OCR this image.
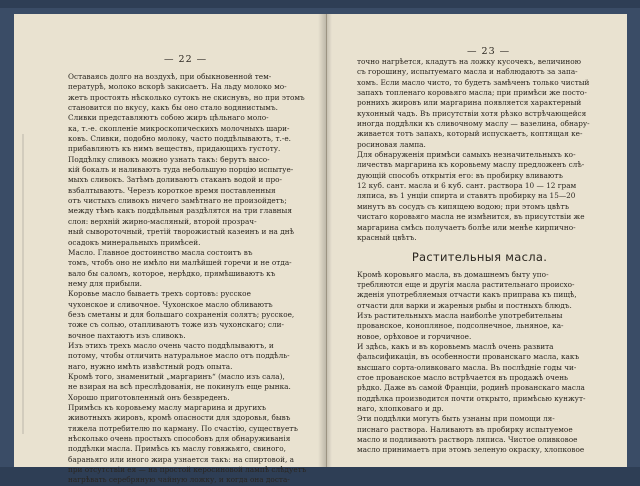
— 22 —
Оставаясь долго на воздухѣ, при обыкновенной тем-
пературѣ, молоко вскорѣ закисаетъ. На льду молоко мо-
жетъ простоять нѣсколько сутокъ не скиснувъ, но при этомъ
становится по вкусу, какъ бы оно стало водянистымъ.
Сливки представляютъ собою жиръ цѣльнаго моло-
ка, т.-е. скопленіе микроскопическихъ молочныхъ шари-
ковъ. Сливки, подобно молоку, часто поддѣлываютъ, т.-е.
прибавляютъ къ нимъ веществъ, придающихъ густоту.
Поддѣлку сливокъ можно узнать такъ: берутъ высо-
кій бокалъ и наливаютъ туда небольшую порцію испытуе-
мыхъ сливокъ. Затѣмъ доливаютъ стаканъ водой и про-
взбалтываютъ. Черезъ короткое время поставленныя
отъ чистыхъ сливокъ ничего замѣтнаго не произойдетъ;
между тѣмъ какъ поддѣльныя раздѣлятся на три главныя
слоя: верхній жирно-масляный, второй прозрач-
ный сывороточный, третій творожистый казеинъ и на днѣ
осадокъ минеральныхъ примѣсей.
Масло. Главное достоинство масла состоитъ въ
томъ, чтобъ оно не имѣло ни малѣйшей горечи и не отда-
вало бы саломъ, которое, нерѣдко, прямѣшиваютъ къ
нему для прибыли.
Коровье масло бываетъ трехъ сортовъ: русское
чухонское и сливочное. Чухонское масло обливаютъ
безъ сметаны и для большаго сохраненія солятъ; русское,
тоже съ солью, отапливаютъ тоже изъ чухонскаго; сли-
вочное пахтаютъ изъ сливокъ.
Изъ этихъ трехъ масло очень часто поддѣлываютъ, и
потому, чтобы отличить натуральное масло отъ поддѣль-
наго, нужно имѣть извѣстный родъ опыта.
Кромѣ того, знаменитый „маргаринъ“ (масло изъ сала),
не взирая на всѣ преслѣдованія, не покинулъ еще рынка.
Хорошо приготовленный онъ безвреденъ.
Примѣсь къ коровьему маслу маргарина и другихъ
животныхъ жировъ, кромѣ опасности для здоровья, бывъ
тяжела потребителю по карману. По счастію, существуетъ
нѣсколько очень простыхъ способовъ для обнаруживанія
поддѣлки масла. Примѣсь къ маслу говяжьяго, свиного,
бараньяго или иного жира узнается такъ: на спиртовой, а
при отсутствіи ея — на простой керосиновой лампѣ слѣдуетъ
нагрѣвать серебряную чайную ложку, и когда она доста-
— 23 —
точно нагрѣется, кладутъ на ложку кусочекъ, величиною
съ горошину, испытуемаго масла и наблюдаютъ за запа-
хомъ. Если масло чисто, то будетъ замѣченъ только чистый
запахъ топленаго коровьяго масла; при примѣси же посто-
роннихъ жировъ или маргарина появляется характерный
кухонный чадъ. Въ присутствіи хотя рѣзко встрѣчающейся
иногда поддѣлки къ сливочному маслу — вазелина, обнару-
живается тотъ запахъ, который испускаетъ, коптящая ке-
росиновая лампа.
Для обнаруженія примѣси самыхъ незначительныхъ ко-
личествъ маргарина къ коровьему маслу предложенъ слѣ-
дующій способъ открытія его: въ пробирку вливаютъ
12 куб. сант. масла и 6 куб. сант. раствора 10 — 12 грам
ляписа, въ 1 унціи спирта и ставятъ пробирку на 15—20
минутъ въ сосудъ съ кипящею водою; при этомъ цвѣтъ
чистаго коровьяго масла не измѣнится, въ присутствіи же
маргарина смѣсь получаетъ болѣе или менѣе кирпично-
красный цвѣтъ.
Растительныя масла.
Кромѣ коровьяго масла, въ домашнемъ быту упо-
требляются еще и другія масла растительнаго происхо-
жденія употребляемыя отчасти какъ приправа къ пищѣ,
отчасти для варки и жареныя рыбы и постныхъ блюдъ.
Изъ растительныхъ масла наиболѣе употребительны
прованское, конопляное, подсолнечное, льняное, ка-
новое, орѣховое и горчичное.
И здѣсь, какъ и въ коровьемъ маслѣ очень развита
фальсификація, въ особенности прованскаго масла, какъ
высшаго сорта-оливковаго масла. Въ послѣдніе годы чи-
стое прованское масло встрѣчается въ продажѣ очень
рѣдко. Даже въ самой Франціи, родинѣ прованскаго масла
поддѣлка производится почти открыто, примѣсью кунжут-
наго, хлопковаго и др.
Эти поддѣлки могутъ быть узнаны при помощи ля-
писнаго раствора. Наливаютъ въ пробирку испытуемое
масло и подливаютъ растворъ ляписа. Чистое оливковое
масло принимаетъ при этомъ зеленую окраску, хлопковое
